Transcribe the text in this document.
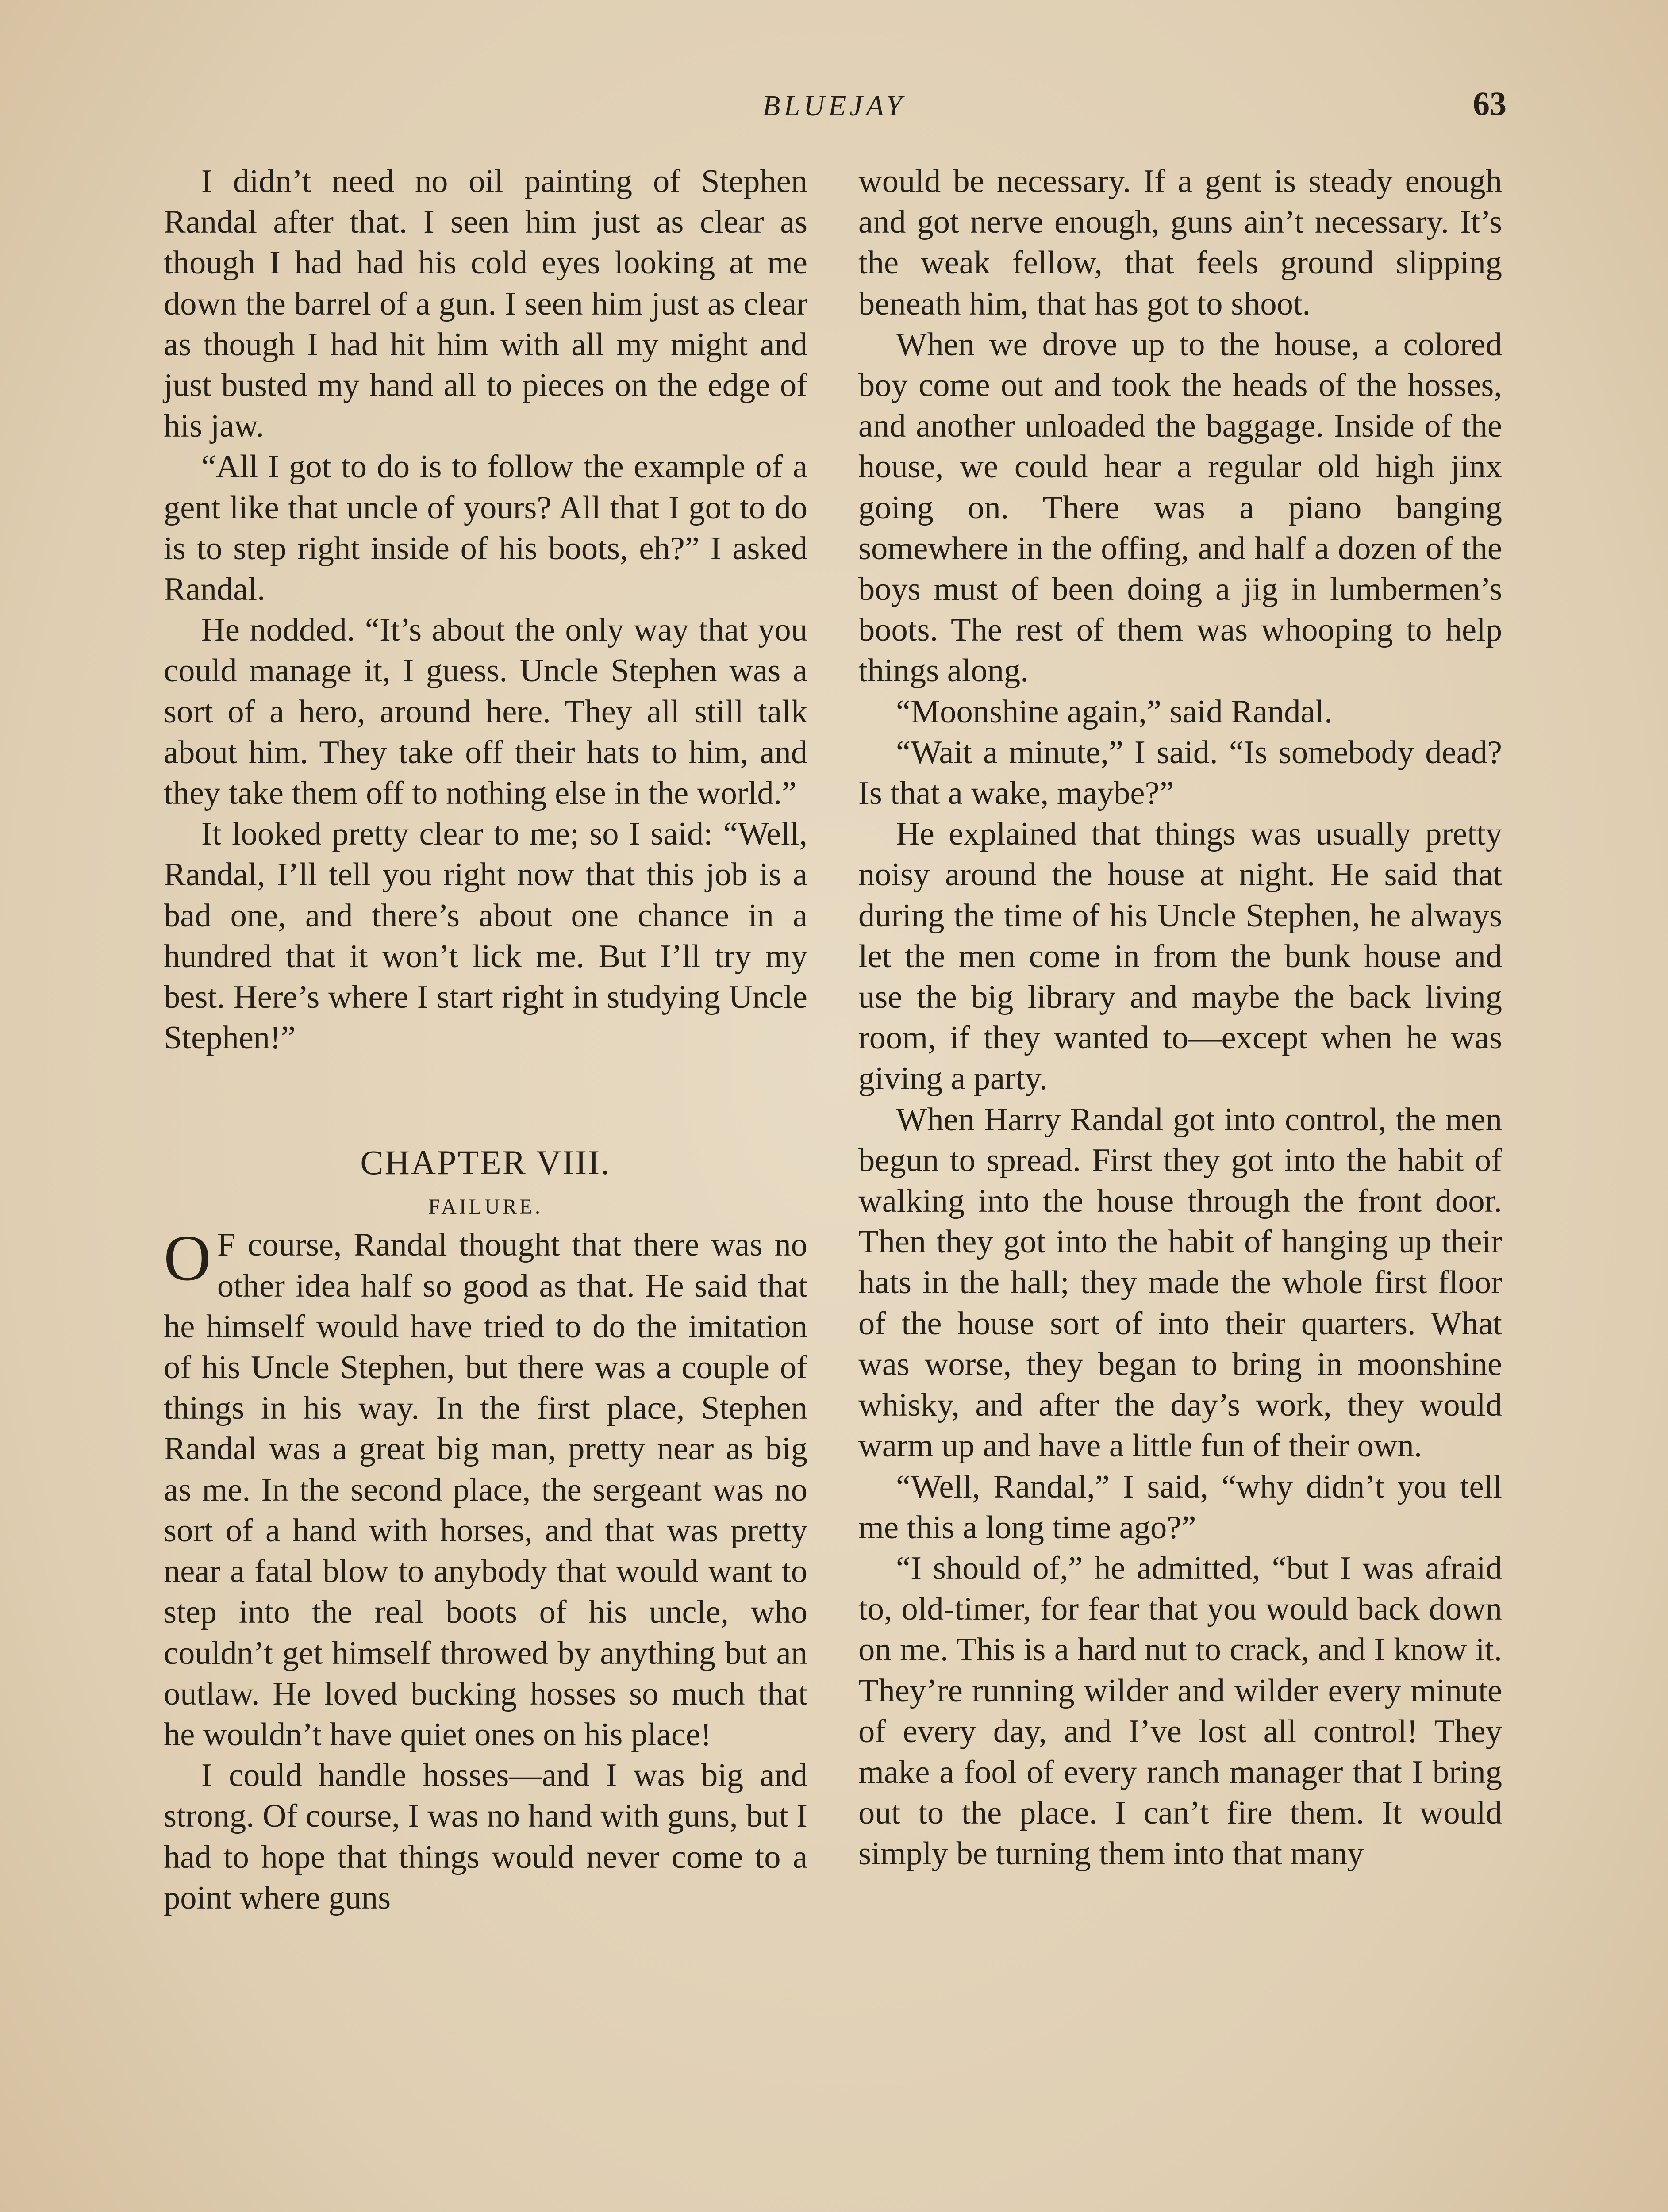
BLUEJAY	63

I didn’t need no oil painting of Stephen Randal after that. I seen him just as clear as though I had had his cold eyes looking at me down the barrel of a gun. I seen him just as clear as though I had hit him with all my might and just busted my hand all to pieces on the edge of his jaw.

“All I got to do is to follow the example of a gent like that uncle of yours? All that I got to do is to step right inside of his boots, eh?” I asked Randal.

He nodded. “It’s about the only way that you could manage it, I guess. Uncle Stephen was a sort of a hero, around here. They all still talk about him. They take off their hats to him, and they take them off to nothing else in the world.”

It looked pretty clear to me; so I said: “Well, Randal, I’ll tell you right now that this job is a bad one, and there’s about one chance in a hundred that it won’t lick me. But I’ll try my best. Here’s where I start right in studying Uncle Stephen!”

CHAPTER VIII.
FAILURE.

O F course, Randal thought that there was no other idea half so good as that. He said that he himself would have tried to do the imitation of his Uncle Stephen, but there was a couple of things in his way. In the first place, Stephen Randal was a great big man, pretty near as big as me. In the second place, the sergeant was no sort of a hand with horses, and that was pretty near a fatal blow to anybody that would want to step into the real boots of his uncle, who couldn’t get himself throwed by anything but an outlaw. He loved bucking hosses so much that he wouldn’t have quiet ones on his place!

I could handle hosses—and I was big and strong. Of course, I was no hand with guns, but I had to hope that things would never come to a point where guns

would be necessary. If a gent is steady enough and got nerve enough, guns ain’t necessary. It’s the weak fellow, that feels ground slipping beneath him, that has got to shoot.

When we drove up to the house, a colored boy come out and took the heads of the hosses, and another unloaded the baggage. Inside of the house, we could hear a regular old high jinx going on. There was a piano banging somewhere in the offing, and half a dozen of the boys must of been doing a jig in lumbermen’s boots. The rest of them was whooping to help things along.

“Moonshine again,” said Randal.

“Wait a minute,” I said. “Is somebody dead? Is that a wake, maybe?”

He explained that things was usually pretty noisy around the house at night. He said that during the time of his Uncle Stephen, he always let the men come in from the bunk house and use the big library and maybe the back living room, if they wanted to—except when he was giving a party.

When Harry Randal got into control, the men begun to spread. First they got into the habit of walking into the house through the front door. Then they got into the habit of hanging up their hats in the hall; they made the whole first floor of the house sort of into their quarters. What was worse, they began to bring in moonshine whisky, and after the day’s work, they would warm up and have a little fun of their own.

“Well, Randal,” I said, “why didn’t you tell me this a long time ago?”

“I should of,” he admitted, “but I was afraid to, old-timer, for fear that you would back down on me. This is a hard nut to crack, and I know it. They’re running wilder and wilder every minute of every day, and I’ve lost all control! They make a fool of every ranch manager that I bring out to the place. I can’t fire them. It would simply be turning them into that many
